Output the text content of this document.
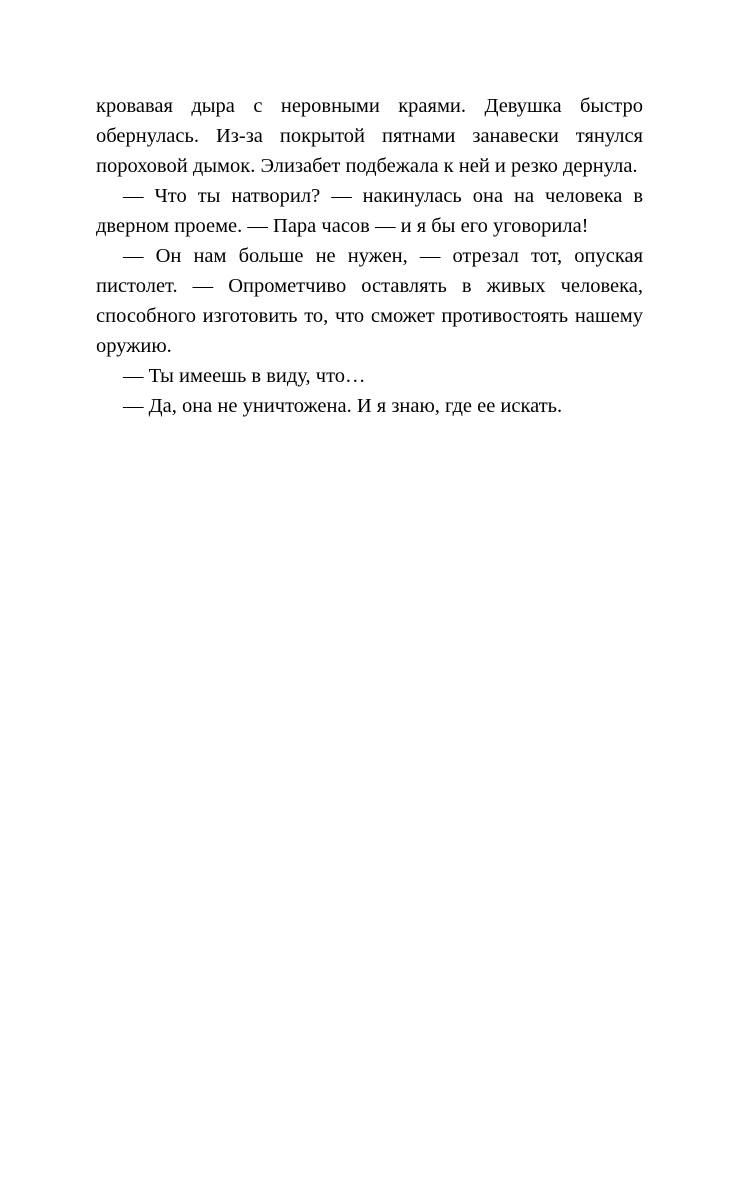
кровавая дыра с неровными краями. Девушка быстро обернулась. Из-за покрытой пятнами занавески тянулся пороховой дымок. Элизабет подбежала к ней и резко дернула.

— Что ты натворил? — накинулась она на человека в дверном проеме. — Пара часов — и я бы его уговорила!

— Он нам больше не нужен, — отрезал тот, опуская пистолет. — Опрометчиво оставлять в живых человека, способного изготовить то, что сможет противостоять нашему оружию.

— Ты имеешь в виду, что…

— Да, она не уничтожена. И я знаю, где ее искать.
